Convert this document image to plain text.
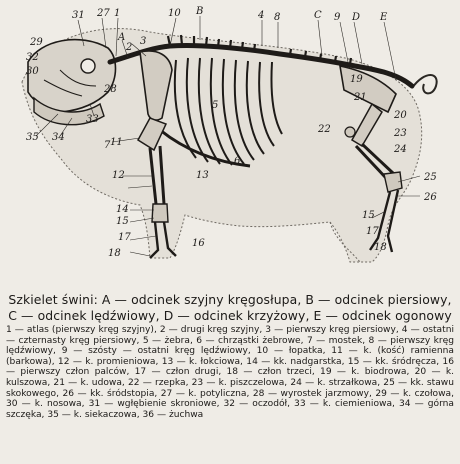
31 27 1
A
2
3
10 B	4 8	C 9 D E
29
32
30
28
5
6
35 34
33
11
12	13
14
15
17
18
16
7
19
21
20
22	23
24
25
26
15
17
18

Szkielet świni: A — odcinek szyjny kręgosłupa, B — odcinek piersiowy, C — odcinek lędźwiowy, D — odcinek krzyżowy, E — odcinek ogonowy

1 — atlas (pierwszy kręg szyjny), 2 — drugi kręg szyjny, 3 — pierwszy kręg piersiowy, 4 — ostatni — czternasty kręg piersiowy, 5 — żebra, 6 — chrząstki żebrowe, 7 — mostek, 8 — pierwszy kręg lędźwiowy, 9 — szósty — ostatni kręg lędźwiowy, 10 — łopatka, 11 — k. (kość) ramienna (barkowa), 12 — k. promieniowa, 13 — k. łokciowa, 14 — kk. nadgarstka, 15 — kk. śródręcza, 16 — pierwszy człon palców, 17 — człon drugi, 18 — człon trzeci, 19 — k. biodrowa, 20 — k. kulszowa, 21 — k. udowa, 22 — rzepka, 23 — k. piszczelowa, 24 — k. strzałkowa, 25 — kk. stawu skokowego, 26 — kk. śródstopia, 27 — k. potyliczna, 28 — wyrostek jarzmowy, 29 — k. czołowa, 30 — k. nosowa, 31 — wgłębienie skroniowe, 32 — oczodół, 33 — k. ciemieniowa, 34 — górna szczęka, 35 — k. siekaczowa, 36 — żuchwa
